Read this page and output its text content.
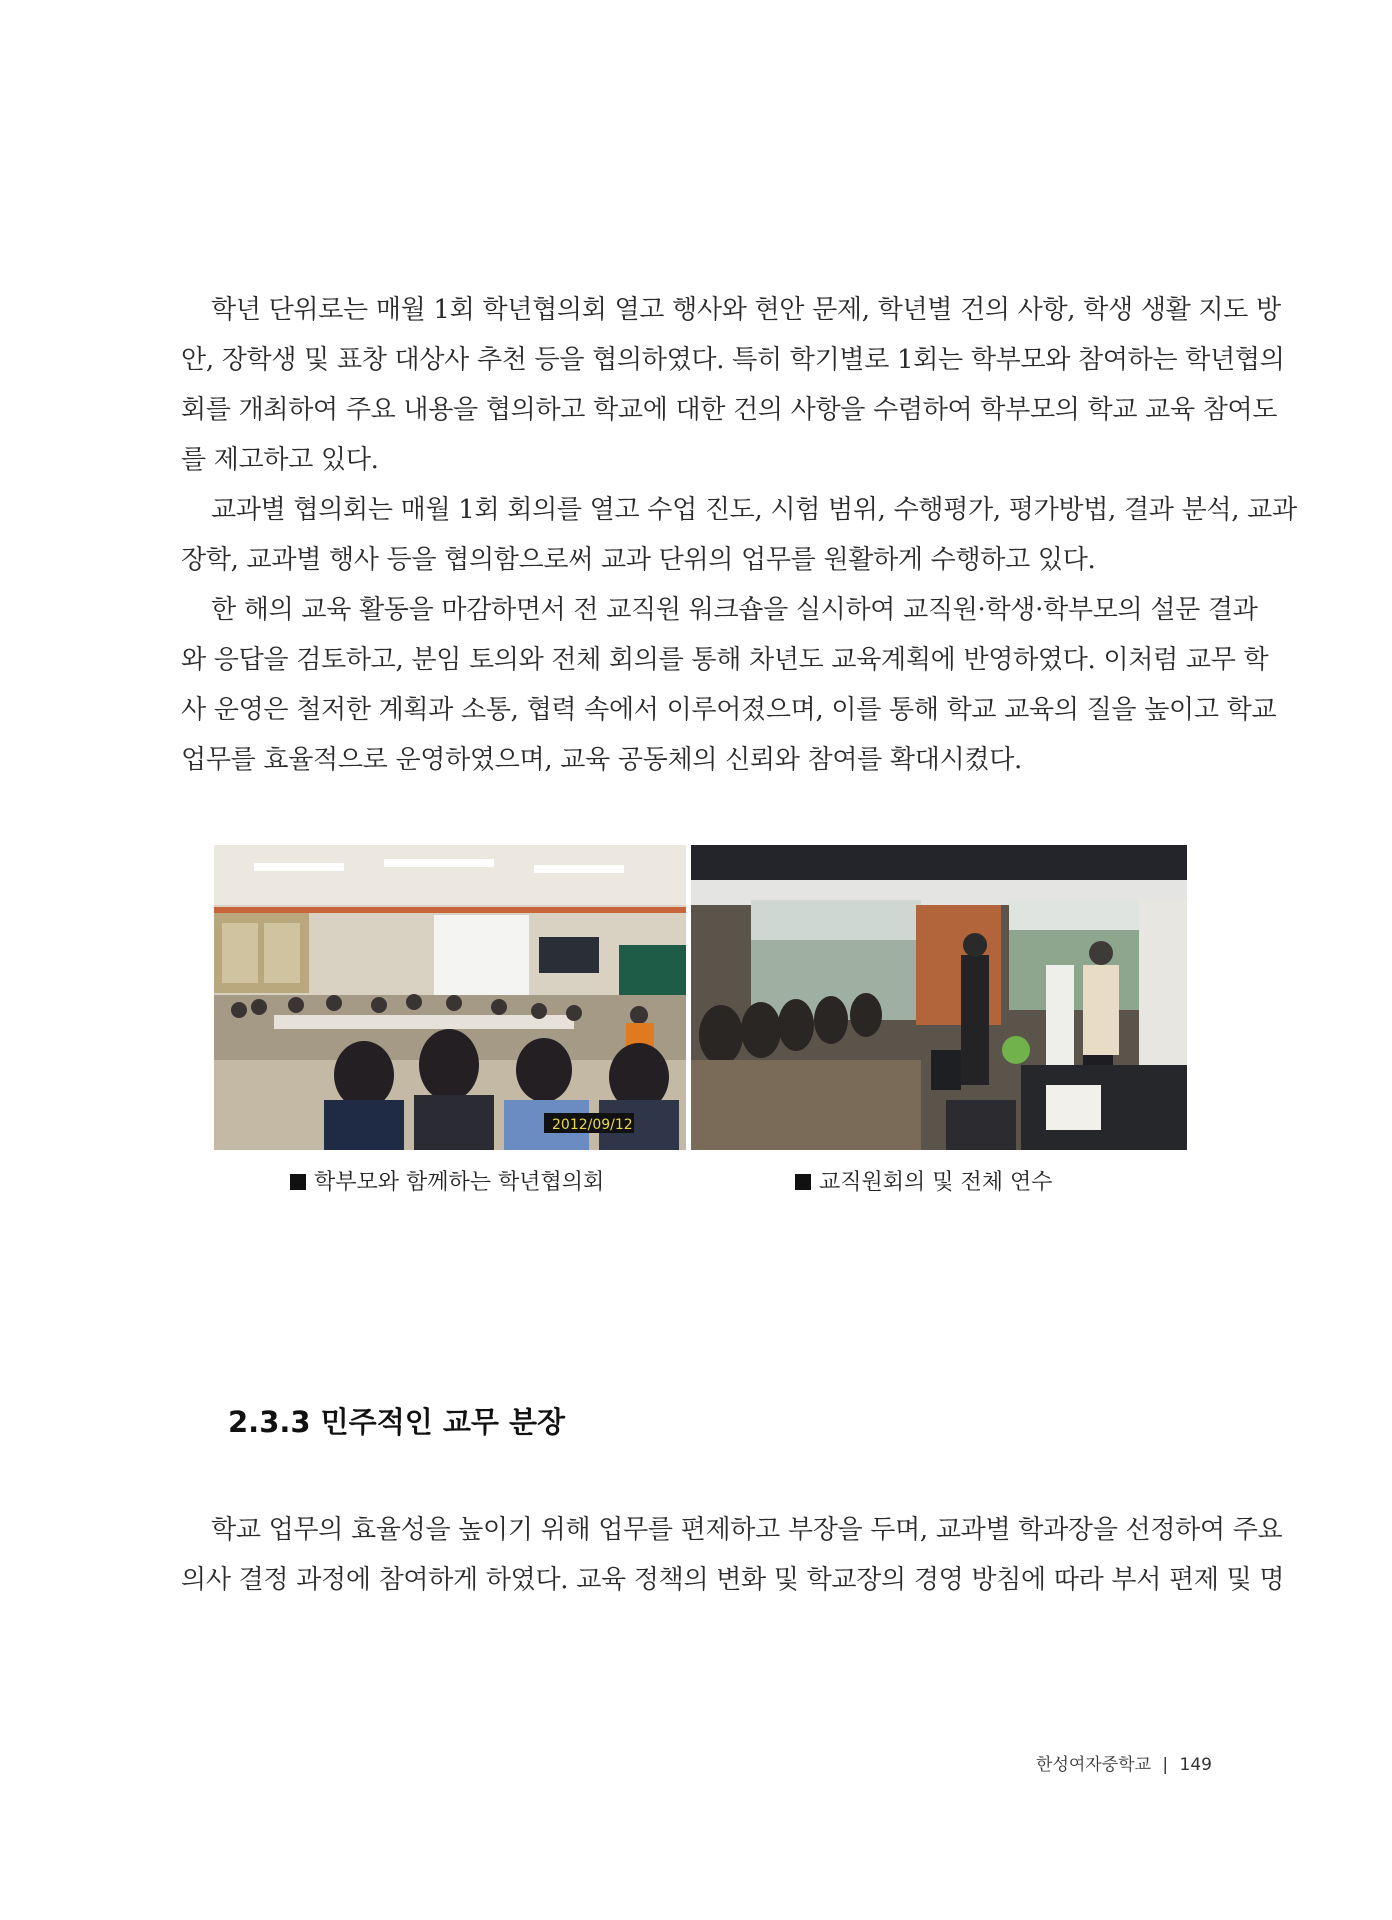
학년 단위로는 매월 1회 학년협의회 열고 행사와 현안 문제, 학년별 건의 사항, 학생 생활 지도 방
안, 장학생 및 표창 대상사 추천 등을 협의하였다. 특히 학기별로 1회는 학부모와 참여하는 학년협의
회를 개최하여 주요 내용을 협의하고 학교에 대한 건의 사항을 수렴하여 학부모의 학교 교육 참여도
를 제고하고 있다.
교과별 협의회는 매월 1회 회의를 열고 수업 진도, 시험 범위, 수행평가, 평가방법, 결과 분석, 교과
장학, 교과별 행사 등을 협의함으로써 교과 단위의 업무를 원활하게 수행하고 있다.
한 해의 교육 활동을 마감하면서 전 교직원 워크숍을 실시하여 교직원·학생·학부모의 설문 결과
와 응답을 검토하고, 분임 토의와 전체 회의를 통해 차년도 교육계획에 반영하였다. 이처럼 교무 학
사 운영은 철저한 계획과 소통, 협력 속에서 이루어졌으며, 이를 통해 학교 교육의 질을 높이고 학교
업무를 효율적으로 운영하였으며, 교육 공동체의 신뢰와 참여를 확대시켰다.
2012/09/12
학부모와 함께하는 학년협의회	교직원회의 및 전체 연수
2.3.3 민주적인 교무 분장
학교 업무의 효율성을 높이기 위해 업무를 편제하고 부장을 두며, 교과별 학과장을 선정하여 주요
의사 결정 과정에 참여하게 하였다. 교육 정책의 변화 및 학교장의 경영 방침에 따라 부서 편제 및 명
한성여자중학교 | 149
